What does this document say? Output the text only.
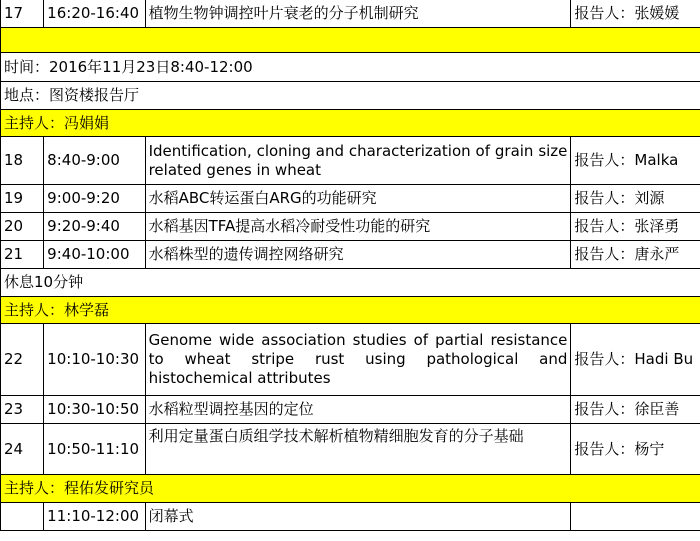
17	16:20-16:40	植物生物钟调控叶片衰老的分子机制研究	报告人：张媛媛

时间：2016年11月23日8:40-12:00			
地点：图资楼报告厅			
主持人：冯娟娟			
18	8:40-9:00	Identification, cloning and characterization of grain size related genes in wheat	报告人：Malka
19	9:00-9:20	水稻ABC转运蛋白ARG的功能研究	报告人：刘源
20	9:20-9:40	水稻基因TFA提高水稻冷耐受性功能的研究	报告人：张泽勇
21	9:40-10:00	水稻株型的遗传调控网络研究	报告人：唐永严
休息10分钟			
主持人：林学磊			
22	10:10-10:30	Genome wide association studies of partial resistance to wheat stripe rust using pathological and histochemical attributes	报告人：Hadi Bu
23	10:30-10:50	水稻粒型调控基因的定位	报告人：徐臣善
24	10:50-11:10	利用定量蛋白质组学技术解析植物精细胞发育的分子基础	报告人：杨宁
主持人：程佑发研究员			
	11:10-12:00	闭幕式	
